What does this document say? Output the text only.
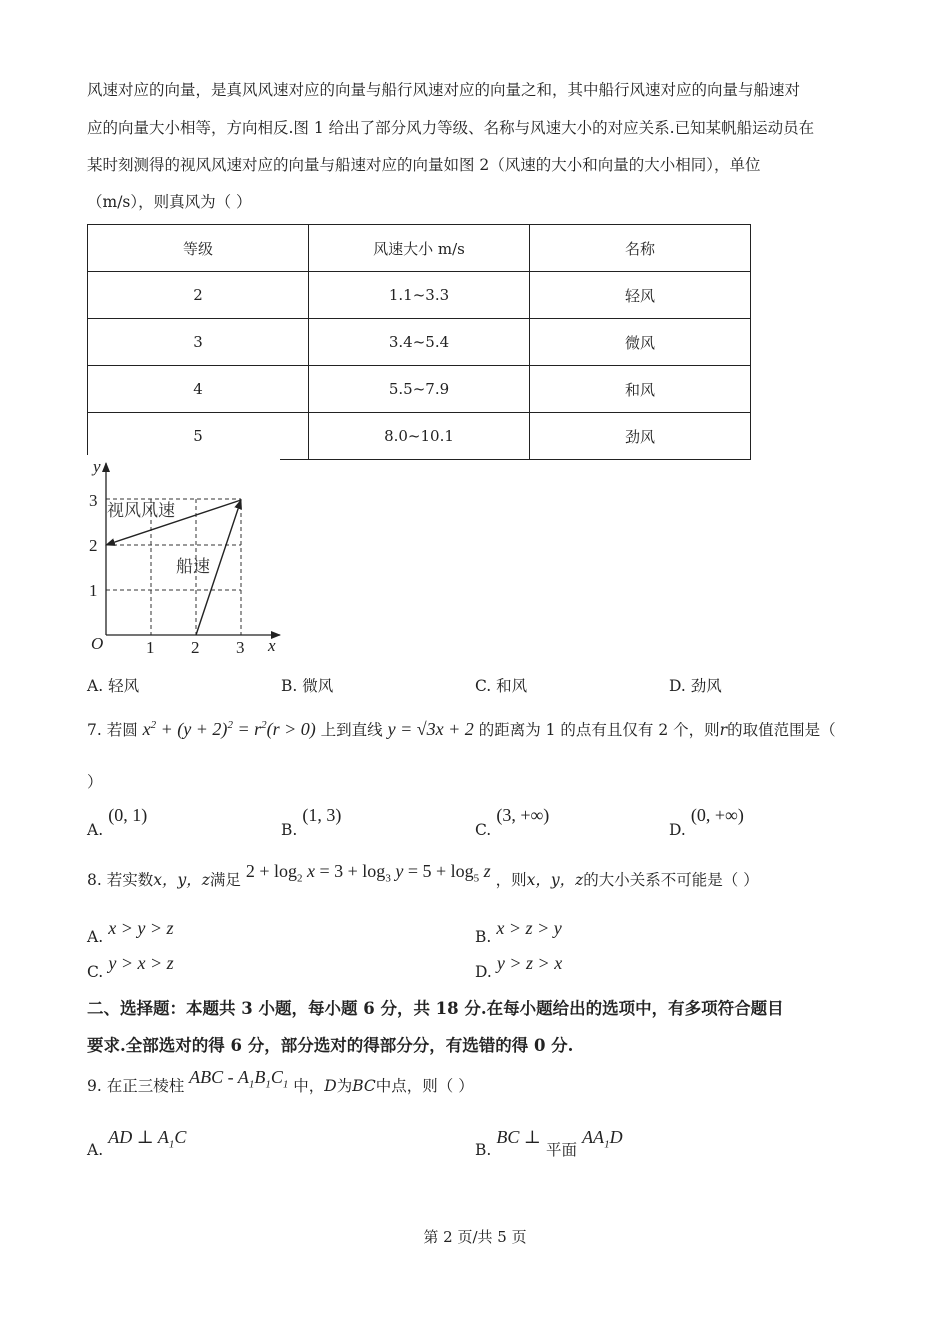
风速对应的向量，是真风风速对应的向量与船行风速对应的向量之和，其中船行风速对应的向量与船速对
应的向量大小相等，方向相反.图 1 给出了部分风力等级、名称与风速大小的对应关系.已知某帆船运动员在
某时刻测得的视风风速对应的向量与船速对应的向量如图 2（风速的大小和向量的大小相同），单位
（m/s），则真风为（ ）
等级	风速大小 m/s	名称
2	1.1~3.3	轻风
3	3.4~5.4	微风
4	5.5~7.9	和风
5	8.0~10.1	劲风
y
x
O	1 2 3
1
2
3
视风风速
船速
A. 轻风	B. 微风	C. 和风	D. 劲风
7. 若圆 $x^2 + (y + 2)^2 = r^2(r > 0)$ 上到直线 y = √3x + 2 的距离为 1 的点有且仅有 2 个，则r的取值范围是（
）
A. (0, 1)
B. (1, 3)
C. (3, +∞)
D. (0, +∞)
8. 若实数x，y，z满足 $2 + \log_2 x = 3 + \log_3 y = 5 + \log_5 z$ ，则x，y，z的大小关系不可能是（ ）
A. x > y > z	B. x > z > y
C. y > x > z	D. y > z > x
二、选择题：本题共 3 小题，每小题 6 分，共 18 分.在每小题给出的选项中，有多项符合题目
要求.全部选对的得 6 分，部分选对的得部分分，有选错的得 0 分.
9. 在正三棱柱 ABC - $A_1B_1C_1$ 中，D为BC中点，则（ ）
A. AD ⊥ $A_1C$
B. BC ⊥ 平面 $AA_1D$
第 2 页/共 5 页
